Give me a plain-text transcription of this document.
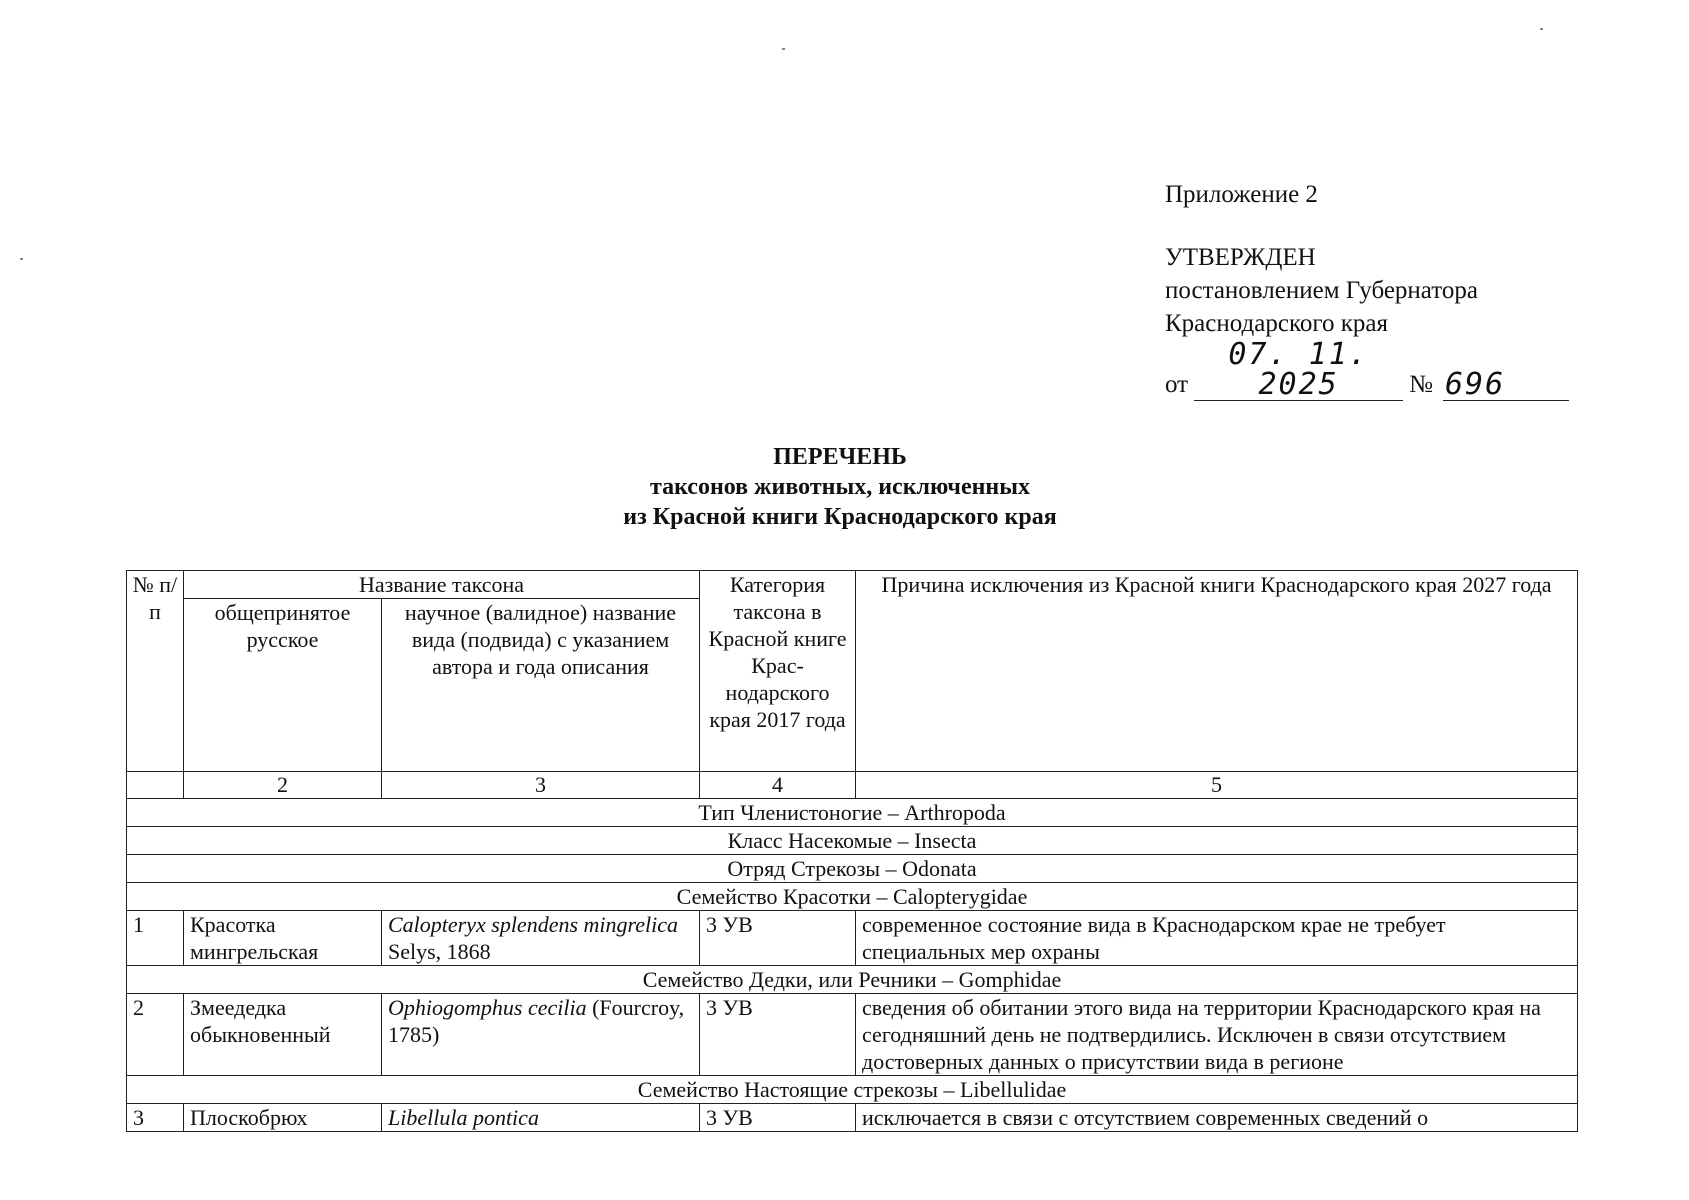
Приложение 2
УТВЕРЖДЕН
постановлением Губернатора
Краснодарского края
от
07. 11. 2025	№ 696
ПЕРЕЧЕНЬ
таксонов животных, исключенных
из Красной книги Краснодарского края
№ п/п	Название таксона		Категория таксона в Красной книге Крас-нодарского края 2017 года	Причина исключения из Красной книги Краснодарского края 2027 года
	общепринятое русское	научное (валидное) название вида (подвида) с указанием автора и года описания		
	2	3	4	5
Тип Членистоногие – Arthropoda				
Класс Насекомые – Insecta				
Отряд Стрекозы – Odonata				
Семейство Красотки – Calopterygidae				
1	Красотка мингрельская	Calopteryx splendens mingrelica Selys, 1868	3 УВ	современное состояние вида в Краснодарском крае не требует специальных мер охраны
Семейство Дедки, или Речники – Gomphidae				
2	Змеедедка обыкновенный	Ophiogomphus cecilia (Fourcroy, 1785)	3 УВ	сведения об обитании этого вида на территории Краснодарского края на сегодняшний день не подтвердились. Исключен в связи отсутствием достоверных данных о присутствии вида в регионе
Семейство Настоящие стрекозы – Libellulidae				
3	Плоскобрюх	Libellula pontica	3 УВ	исключается в связи с отсутствием современных сведений о
